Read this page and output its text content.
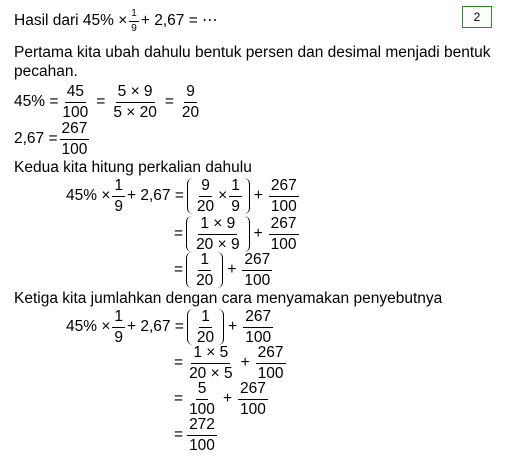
2
Hasil dari $45\% \times \frac{1}{9} + 2,67$ = ⋯
Pertama kita ubah dahulu bentuk persen dan desimal menjadi bentuk
pecahan.
$45\% = \frac{45}{100} = \frac{5 \times 9}{5 \times 20} = \frac{9}{20}$
$2,67 = \frac{267}{100}$
Kedua kita hitung perkalian dahulu
$45\% \times \frac{1}{9} + 2,67 = \frac{9}{20} \times \frac{1}{9} + \frac{267}{100}$
= $\frac{1 \times 9}{20 \times 9} + \frac{267}{100}$
= $\frac{1}{20} + \frac{267}{100}$
Ketiga kita jumlahkan dengan cara menyamakan penyebutnya
$45\% \times \frac{1}{9} + 2,67 = \frac{1}{20} + \frac{267}{100}$
= $\frac{1 \times 5}{20 \times 5} + \frac{267}{100}$
= $\frac{5}{100} + \frac{267}{100}$
= $\frac{272}{100}$
